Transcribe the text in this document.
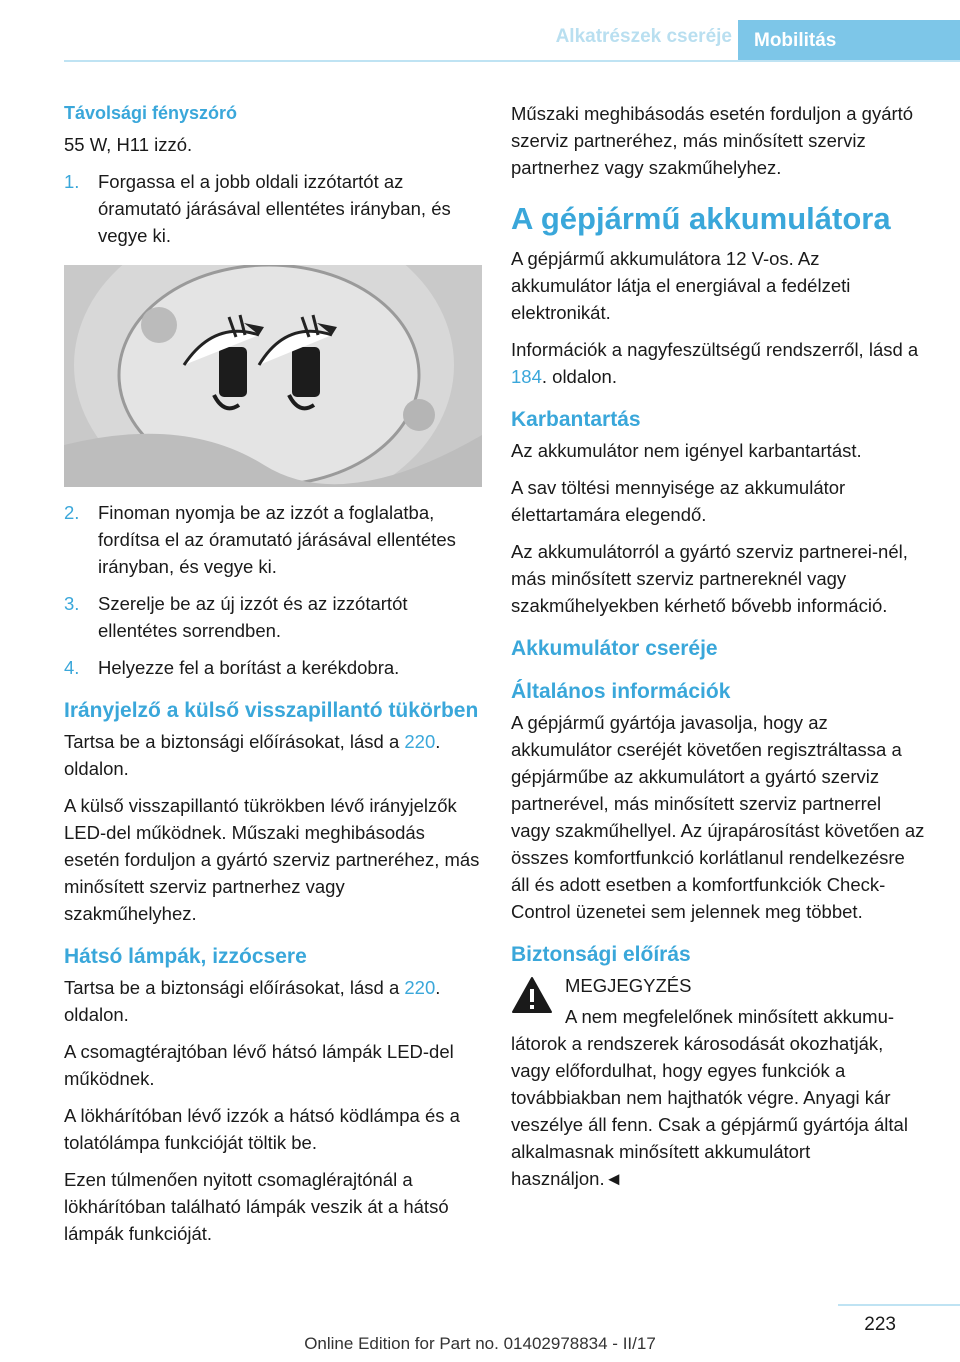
Alkatrészek cseréje	Mobilitás
Távolsági fényszóró

55 W, H11 izzó.

1. Forgassa el a jobb oldali izzótartót az óramutató járásával ellentétes irányban, és vegye ki.
2. Finoman nyomja be az izzót a foglalatba, fordítsa el az óramutató járásával ellentétes irányban, és vegye ki.
3. Szerelje be az új izzót és az izzótartót ellentétes sorrendben.
4. Helyezze fel a borítást a kerékdobra.
Irányjelző a külső visszapillantó tükörben

Tartsa be a biztonsági előírásokat, lásd a 220. oldalon.

A külső visszapillantó tükrökben lévő irányjelzők LED-del működnek. Műszaki meghibásodás esetén forduljon a gyártó szerviz partneréhez, más minősített szerviz partnerhez vagy szakműhelyhez.

Hátsó lámpák, izzócsere

Tartsa be a biztonsági előírásokat, lásd a 220. oldalon.

A csomagtérajtóban lévő hátsó lámpák LED-del működnek.

A lökhárítóban lévő izzók a hátsó ködlámpa és a tolatólámpa funkcióját töltik be.

Ezen túlmenően nyitott csomaglérajtónál a lökhárítóban található lámpák veszik át a hátsó lámpák funkcióját.

Műszaki meghibásodás esetén forduljon a gyártó szerviz partneréhez, más minősített szerviz partnerhez vagy szakműhelyhez.

A gépjármű akkumulátora

A gépjármű akkumulátora 12 V-os. Az akkumulátor látja el energiával a fedélzeti elektronikát.

Információk a nagyfeszültségű rendszerről, lásd a 184. oldalon.

Karbantartás

Az akkumulátor nem igényel karbantartást.

A sav töltési mennyisége az akkumulátor élettartamára elegendő.

Az akkumulátorról a gyártó szerviz partnerei-nél, más minősített szerviz partnereknél vagy szakműhelyekben kérhető bővebb információ.

Akkumulátor cseréje
Általános információk

A gépjármű gyártója javasolja, hogy az akkumulátor cseréjét követően regisztráltassa a gépjárműbe az akkumulátort a gyártó szerviz partnerével, más minősített szerviz partnerrel vagy szakműhellyel. Az újrapárosítást követően az összes komfortfunkció korlátlanul rendelkezésre áll és adott esetben a komfortfunkciók Check-Control üzenetei sem jelennek meg többet.

Biztonsági előírás

MEGJEGYZÉS

A nem megfelelőnek minősített akkumu-

látorok a rendszerek károsodását okozhatják, vagy előfordulhat, hogy egyes funkciók a továbbiakban nem hajthatók végre. Anyagi kár veszélye áll fenn. Csak a gépjármű gyártója által alkalmasnak minősített akkumulátort használjon.◄

223
Online Edition for Part no. 01402978834 - II/17
